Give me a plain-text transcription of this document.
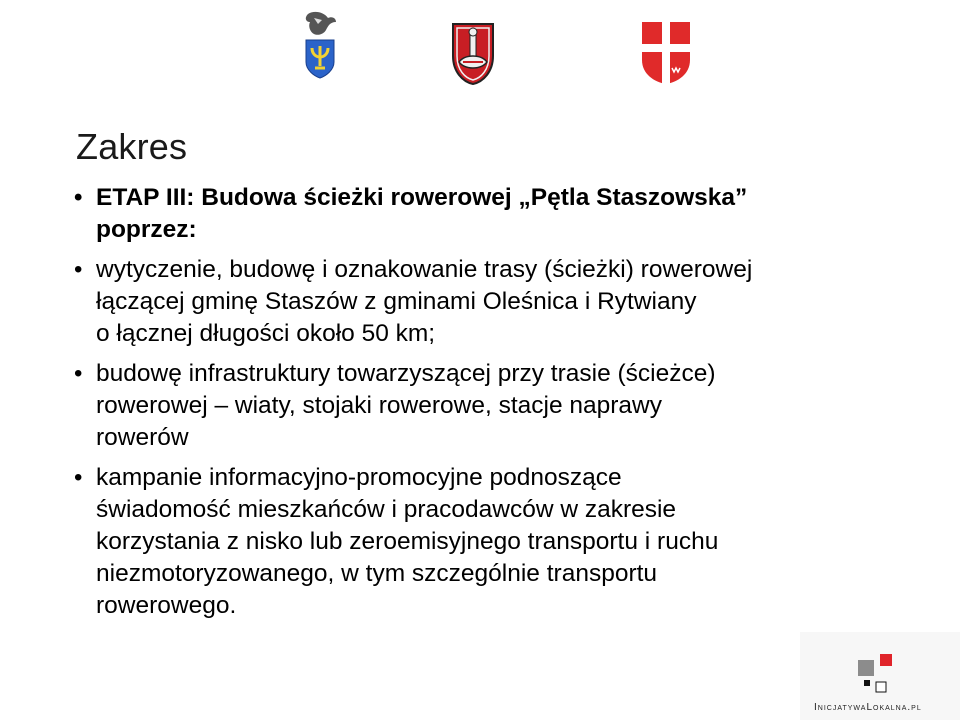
Zakres
• ETAP III: Budowa ścieżki rowerowej „Pętla Staszowska”
poprzez:
• wytyczenie, budowę i oznakowanie trasy (ścieżki) rowerowej
łączącej gminę Staszów z gminami Oleśnica i Rytwiany
o łącznej długości około 50 km;
• budowę infrastruktury towarzyszącej przy trasie (ścieżce)
rowerowej – wiaty, stojaki rowerowe, stacje naprawy
rowerów
• kampanie informacyjno-promocyjne podnoszące
świadomość mieszkańców i pracodawców w zakresie
korzystania z nisko lub zeroemisyjnego transportu i ruchu
niezmotoryzowanego, w tym szczególnie transportu
rowerowego.
InicjatywaLokalna.pl
